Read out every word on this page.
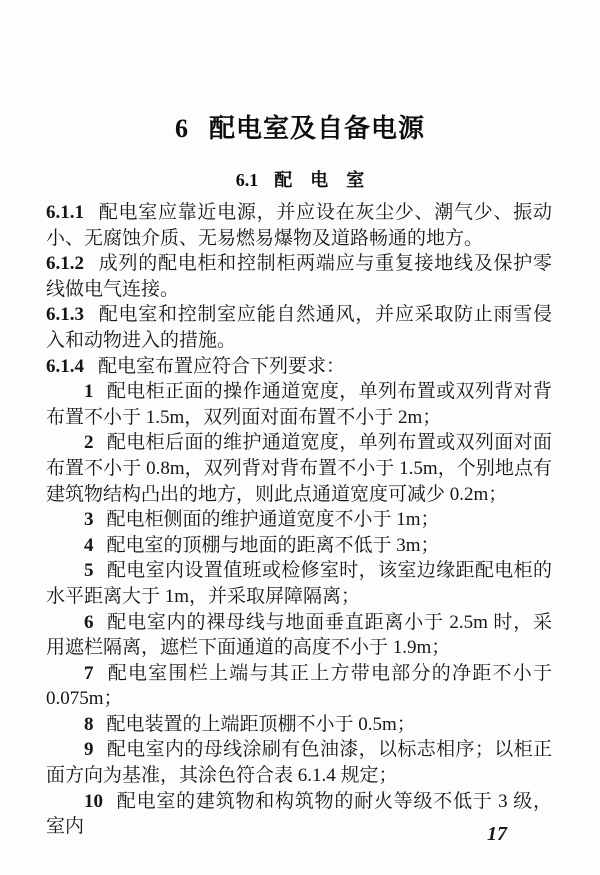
6 配电室及自备电源
6.1 配　电　室

6.1.1 配电室应靠近电源，并应设在灰尘少、潮气少、振动小、无腐蚀介质、无易燃易爆物及道路畅通的地方。

6.1.2 成列的配电柜和控制柜两端应与重复接地线及保护零线做电气连接。

6.1.3 配电室和控制室应能自然通风，并应采取防止雨雪侵入和动物进入的措施。

6.1.4 配电室布置应符合下列要求：

1 配电柜正面的操作通道宽度，单列布置或双列背对背布置不小于 1.5m，双列面对面布置不小于 2m；

2 配电柜后面的维护通道宽度，单列布置或双列面对面布置不小于 0.8m，双列背对背布置不小于 1.5m，个别地点有建筑物结构凸出的地方，则此点通道宽度可减少 0.2m；

3 配电柜侧面的维护通道宽度不小于 1m；

4 配电室的顶棚与地面的距离不低于 3m；

5 配电室内设置值班或检修室时，该室边缘距配电柜的水平距离大于 1m，并采取屏障隔离；

6 配电室内的裸母线与地面垂直距离小于 2.5m 时，采用遮栏隔离，遮栏下面通道的高度不小于 1.9m；

7 配电室围栏上端与其正上方带电部分的净距不小于 0.075m；

8 配电装置的上端距顶棚不小于 0.5m；

9 配电室内的母线涂刷有色油漆，以标志相序；以柜正面方向为基准，其涂色符合表 6.1.4 规定；

10 配电室的建筑物和构筑物的耐火等级不低于 3 级，室内	17
